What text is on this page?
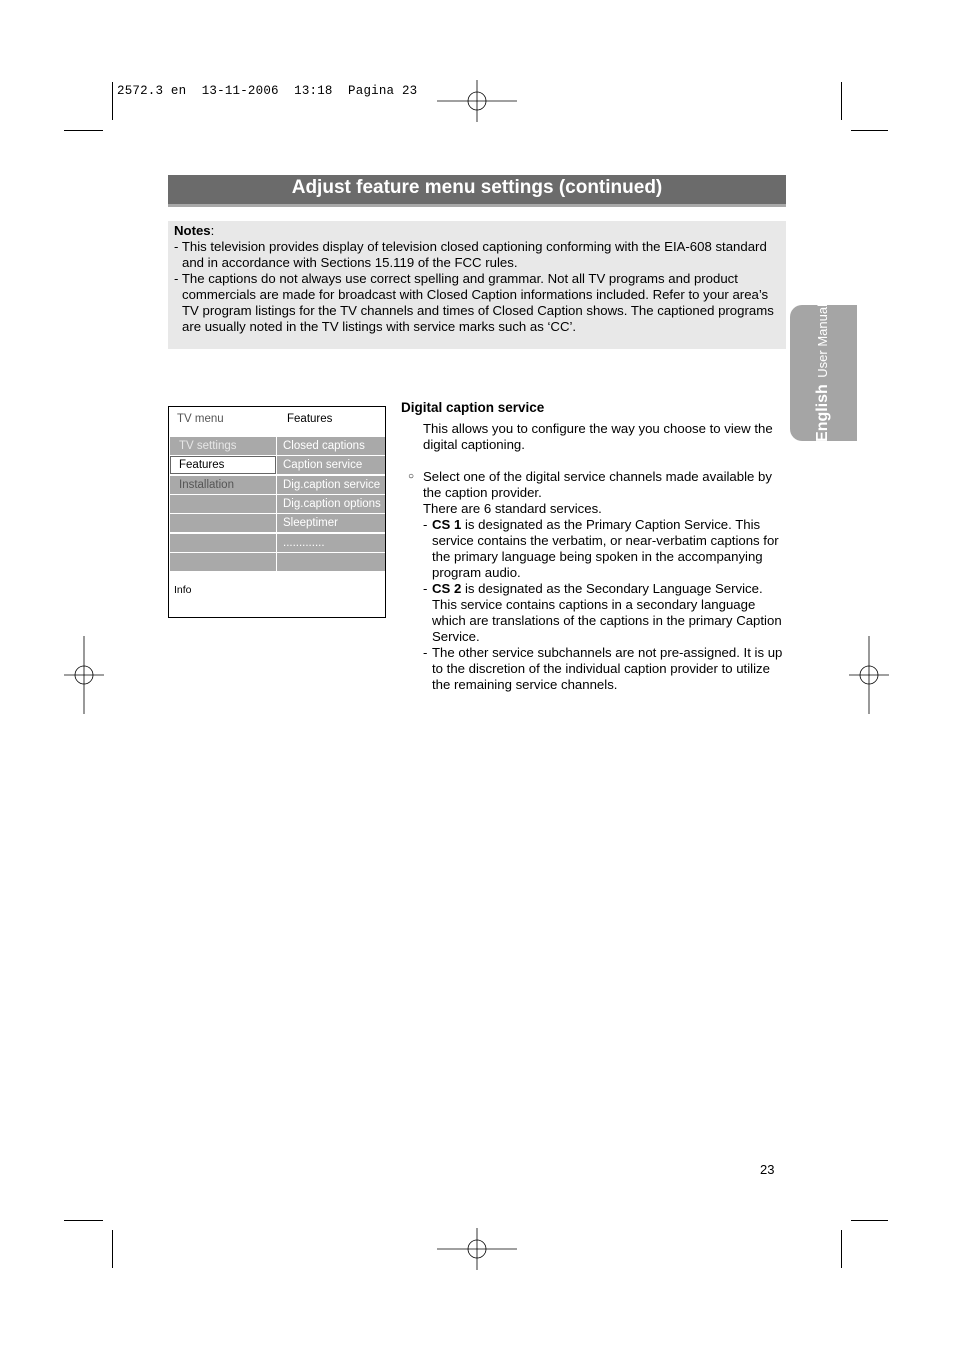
2572.3 en  13-11-2006  13:18  Pagina 23
Adjust feature menu settings (continued)
Notes:
- This television provides display of television closed captioning conforming with the EIA-608 standard and in accordance with Sections 15.119 of the FCC rules.
- The captions do not always use correct spelling and grammar. Not all TV programs and product commercials are made for broadcast with Closed Caption informations included. Refer to your area’s TV program listings for the TV channels and times of Closed Caption shows. The captioned programs are usually noted in the TV listings with service marks such as ‘CC’.
English User Manual
TV menu	Features
TV settings
Features
Installation
Closed captions
Caption service
Dig.caption service
Dig.caption options
Sleeptimer
.............
Info
Digital caption service
This allows you to configure the way you choose to view the digital captioning.
○ Select one of the digital service channels made available by the caption provider.
There are 6 standard services.
- CS 1 is designated as the Primary Caption Service. This service contains the verbatim, or near-verbatim captions for the primary language being spoken in the accompanying program audio.
- CS 2 is designated as the Secondary Language Service. This service contains captions in a secondary language which are translations of the captions in the primary Caption Service.
- The other service subchannels are not pre-assigned. It is up to the discretion of the individual caption provider to utilize the remaining service channels.
23
